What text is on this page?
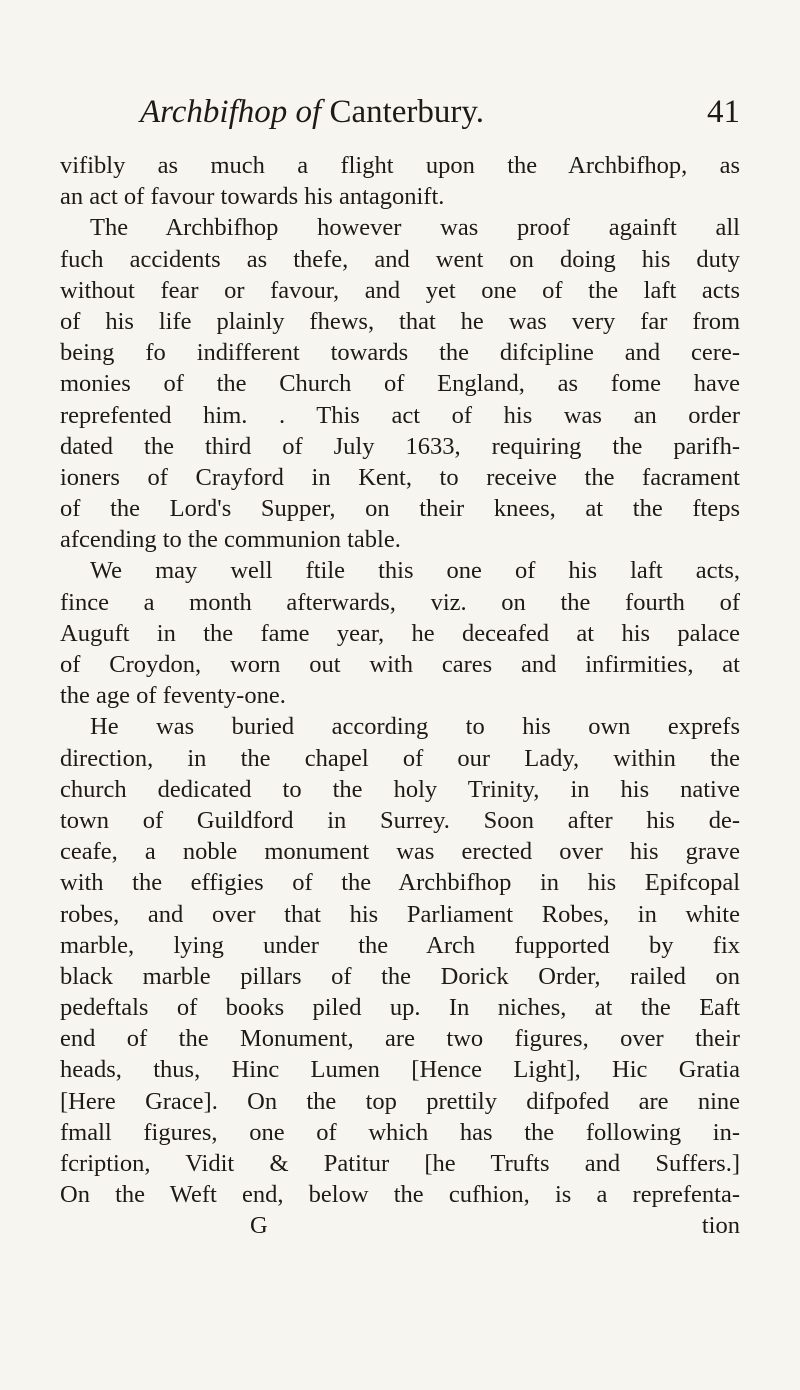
Archbifhop of Canterbury.	41
vifibly as much a flight upon the Archbifhop, as
an act of favour towards his antagonift.
The Archbifhop however was proof againft all
fuch accidents as thefe, and went on doing his duty
without fear or favour, and yet one of the laft acts
of his life plainly fhews, that he was very far from
being fo indifferent towards the difcipline and cere-
monies of the Church of England, as fome have
reprefented him. . This act of his was an order
dated the third of July 1633, requiring the parifh-
ioners of Crayford in Kent, to receive the facrament
of the Lord's Supper, on their knees, at the fteps
afcending to the communion table.
We may well ftile this one of his laft acts,
fince a month afterwards, viz. on the fourth of
Auguft in the fame year, he deceafed at his palace
of Croydon, worn out with cares and infirmities, at
the age of feventy-one.
He was buried according to his own exprefs
direction, in the chapel of our Lady, within the
church dedicated to the holy Trinity, in his native
town of Guildford in Surrey. Soon after his de-
ceafe, a noble monument was erected over his grave
with the effigies of the Archbifhop in his Epifcopal
robes, and over that his Parliament Robes, in white
marble, lying under the Arch fupported by fix
black marble pillars of the Dorick Order, railed on
pedeftals of books piled up. In niches, at the Eaft
end of the Monument, are two figures, over their
heads, thus, Hinc Lumen [Hence Light], Hic Gratia
[Here Grace]. On the top prettily difpofed are nine
fmall figures, one of which has the following in-
fcription, Vidit & Patitur [he Trufts and Suffers.]
On the Weft end, below the cufhion, is a reprefenta-
G	tion
